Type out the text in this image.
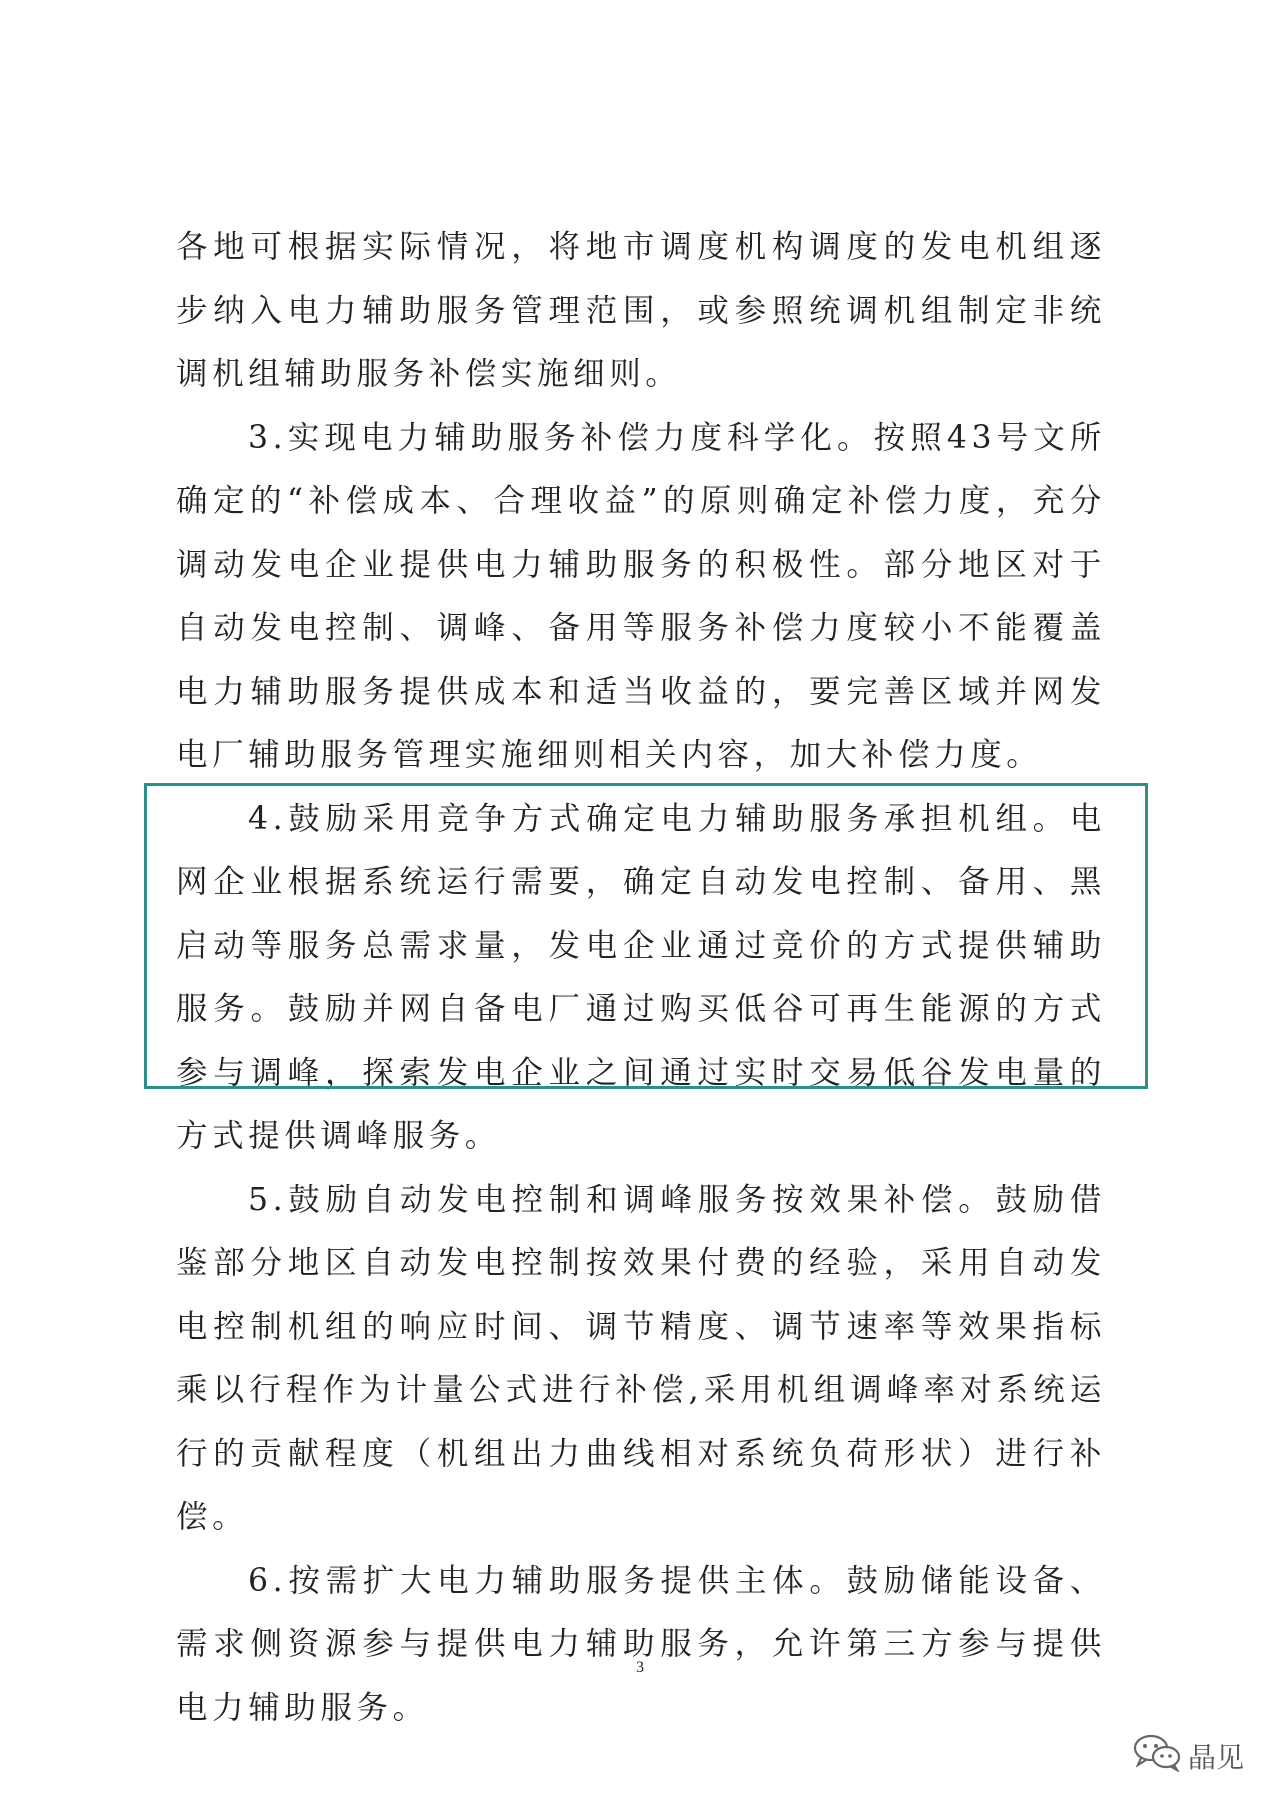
各地可根据实际情况，将地市调度机构调度的发电机组逐步纳入电力辅助服务管理范围，或参照统调机组制定非统调机组辅助服务补偿实施细则。

3.实现电力辅助服务补偿力度科学化。按照43号文所确定的“补偿成本、合理收益”的原则确定补偿力度，充分调动发电企业提供电力辅助服务的积极性。部分地区对于自动发电控制、调峰、备用等服务补偿力度较小不能覆盖电力辅助服务提供成本和适当收益的，要完善区域并网发电厂辅助服务管理实施细则相关内容，加大补偿力度。

4.鼓励采用竞争方式确定电力辅助服务承担机组。电网企业根据系统运行需要，确定自动发电控制、备用、黑启动等服务总需求量，发电企业通过竞价的方式提供辅助服务。鼓励并网自备电厂通过购买低谷可再生能源的方式参与调峰，探索发电企业之间通过实时交易低谷发电量的方式提供调峰服务。

5.鼓励自动发电控制和调峰服务按效果补偿。鼓励借鉴部分地区自动发电控制按效果付费的经验，采用自动发电控制机组的响应时间、调节精度、调节速率等效果指标乘以行程作为计量公式进行补偿,采用机组调峰率对系统运行的贡献程度（机组出力曲线相对系统负荷形状）进行补偿。

6.按需扩大电力辅助服务提供主体。鼓励储能设备、需求侧资源参与提供电力辅助服务，允许第三方参与提供电力辅助服务。

3
晶见
